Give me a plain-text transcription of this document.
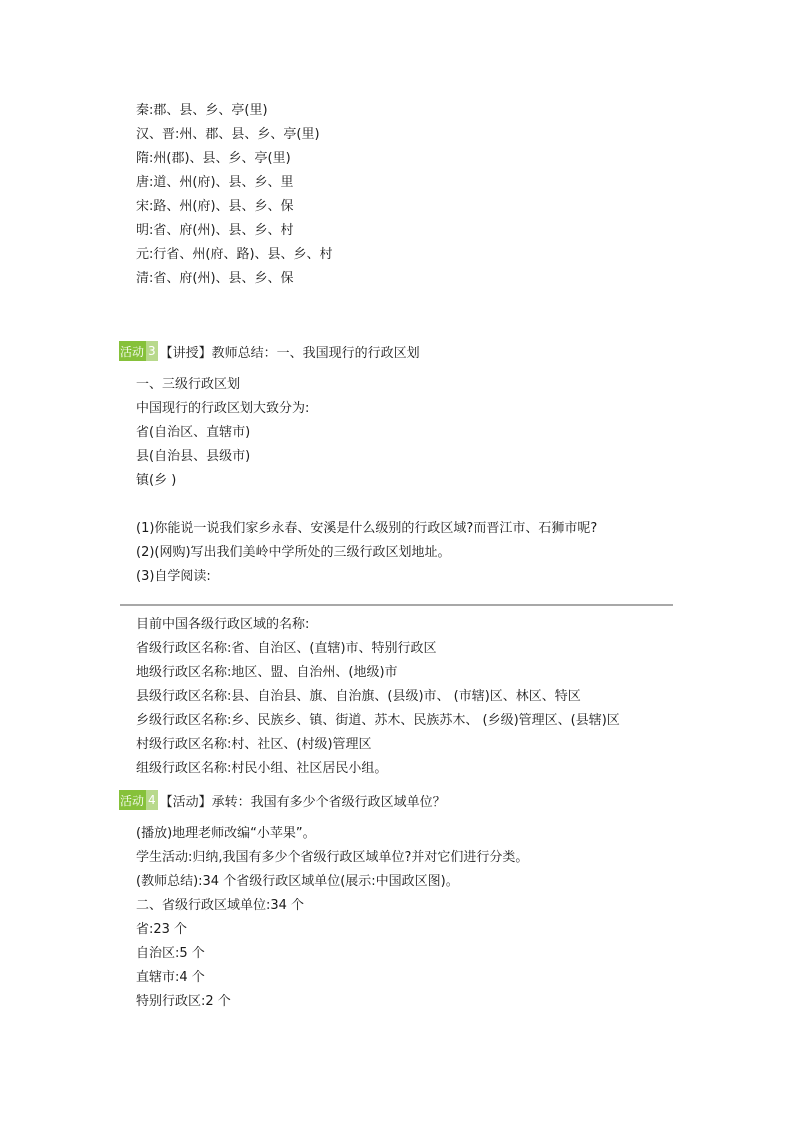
秦:郡、县、乡、亭(里)
汉、晋:州、郡、县、乡、亭(里)
隋:州(郡)、县、乡、亭(里)
唐:道、州(府)、县、乡、里
宋:路、州(府)、县、乡、保
明:省、府(州)、县、乡、村
元:行省、州(府、路)、县、乡、村
清:省、府(州)、县、乡、保
活动 3 【讲授】教师总结：一、我国现行的行政区划
一、三级行政区划
中国现行的行政区划大致分为:
省(自治区、直辖市)
县(自治县、县级市)
镇(乡 )
(1)你能说一说我们家乡永春、安溪是什么级别的行政区域?而晋江市、石狮市呢?
(2)(网购)写出我们美岭中学所处的三级行政区划地址。
(3)自学阅读:
目前中国各级行政区域的名称:
省级行政区名称:省、自治区、(直辖)市、特别行政区
地级行政区名称:地区、盟、自治州、(地级)市
县级行政区名称:县、自治县、旗、自治旗、(县级)市、 (市辖)区、林区、特区
乡级行政区名称:乡、民族乡、镇、街道、苏木、民族苏木、 (乡级)管理区、(县辖)区
村级行政区名称:村、社区、(村级)管理区
组级行政区名称:村民小组、社区居民小组。
活动 4 【活动】承转：我国有多少个省级行政区域单位？
(播放)地理老师改编“小苹果”。
学生活动:归纳,我国有多少个省级行政区域单位?并对它们进行分类。
(教师总结):34 个省级行政区域单位(展示:中国政区图)。
二、省级行政区域单位:34 个
省:23 个
自治区:5 个
直辖市:4 个
特别行政区:2 个
